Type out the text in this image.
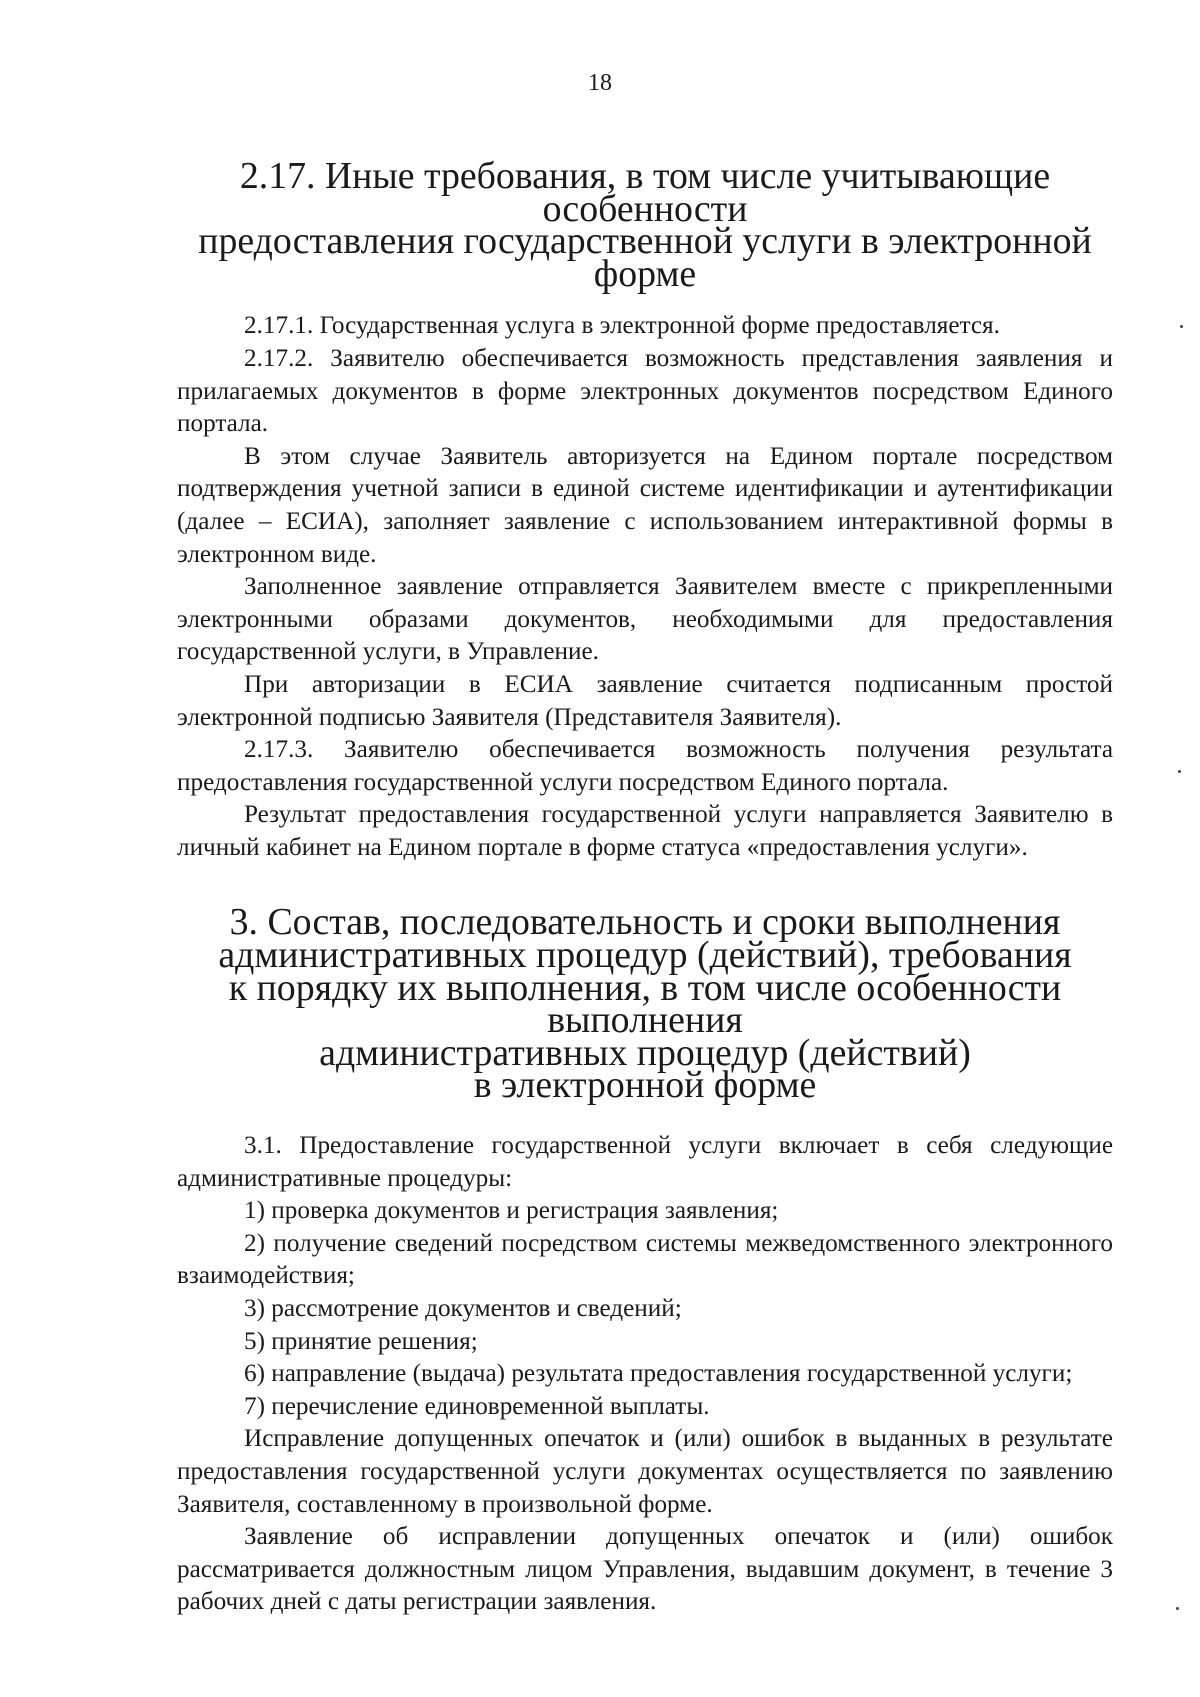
18
2.17. Иные требования, в том числе учитывающие особенности
предоставления государственной услуги в электронной форме

2.17.1. Государственная услуга в электронной форме предоставляется.

2.17.2. Заявителю обеспечивается возможность представления заявления и прилагаемых документов в форме электронных документов посредством Единого портала.

В этом случае Заявитель авторизуется на Едином портале посредством подтверждения учетной записи в единой системе идентификации и аутентификации (далее – ЕСИА), заполняет заявление с использованием интерактивной формы в электронном виде.

Заполненное заявление отправляется Заявителем вместе с прикрепленными электронными образами документов, необходимыми для предоставления государственной услуги, в Управление.

При авторизации в ЕСИА заявление считается подписанным простой электронной подписью Заявителя (Представителя Заявителя).

2.17.3. Заявителю обеспечивается возможность получения результата предоставления государственной услуги посредством Единого портала.

Результат предоставления государственной услуги направляется Заявителю в личный кабинет на Едином портале в форме статуса «предоставления услуги».

3. Состав, последовательность и сроки выполнения
административных процедур (действий), требования
к порядку их выполнения, в том числе особенности выполнения
административных процедур (действий)
в электронной форме

3.1. Предоставление государственной услуги включает в себя следующие административные процедуры:

1) проверка документов и регистрация заявления;

2) получение сведений посредством системы межведомственного электронного взаимодействия;

3) рассмотрение документов и сведений;

5) принятие решения;

6) направление (выдача) результата предоставления государственной услуги;

7) перечисление единовременной выплаты.

Исправление допущенных опечаток и (или) ошибок в выданных в результате предоставления государственной услуги документах осуществляется по заявлению Заявителя, составленному в произвольной форме.

Заявление об исправлении допущенных опечаток и (или) ошибок рассматривается должностным лицом Управления, выдавшим документ, в течение 3 рабочих дней с даты регистрации заявления.
